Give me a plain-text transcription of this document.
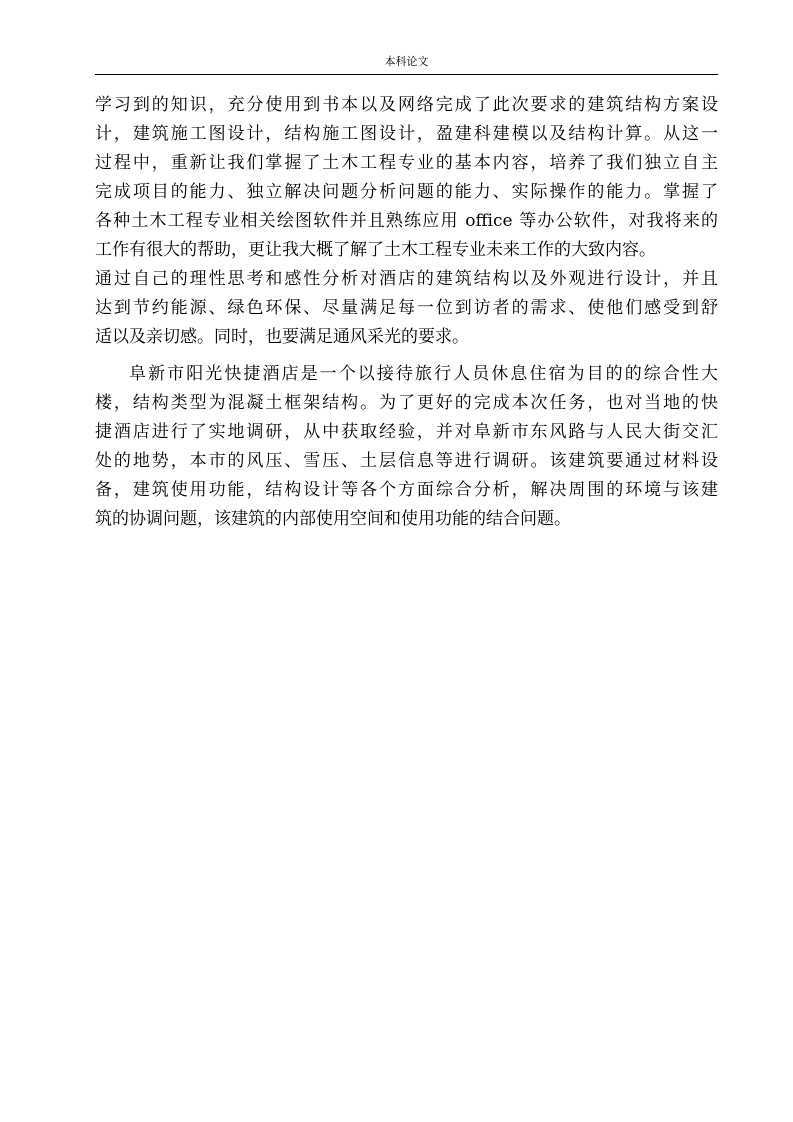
本科论文
学习到的知识，充分使用到书本以及网络完成了此次要求的建筑结构方案设
计，建筑施工图设计，结构施工图设计，盈建科建模以及结构计算。从这一
过程中，重新让我们掌握了土木工程专业的基本内容，培养了我们独立自主
完成项目的能力、独立解决问题分析问题的能力、实际操作的能力。掌握了
各种土木工程专业相关绘图软件并且熟练应用 office 等办公软件，对我将来的
工作有很大的帮助，更让我大概了解了土木工程专业未来工作的大致内容。
通过自己的理性思考和感性分析对酒店的建筑结构以及外观进行设计，并且
达到节约能源、绿色环保、尽量满足每一位到访者的需求、使他们感受到舒
适以及亲切感。同时，也要满足通风采光的要求。
阜新市阳光快捷酒店是一个以接待旅行人员休息住宿为目的的综合性大
楼，结构类型为混凝土框架结构。为了更好的完成本次任务，也对当地的快
捷酒店进行了实地调研，从中获取经验，并对阜新市东风路与人民大街交汇
处的地势，本市的风压、雪压、土层信息等进行调研。该建筑要通过材料设
备，建筑使用功能，结构设计等各个方面综合分析，解决周围的环境与该建
筑的协调问题，该建筑的内部使用空间和使用功能的结合问题。
